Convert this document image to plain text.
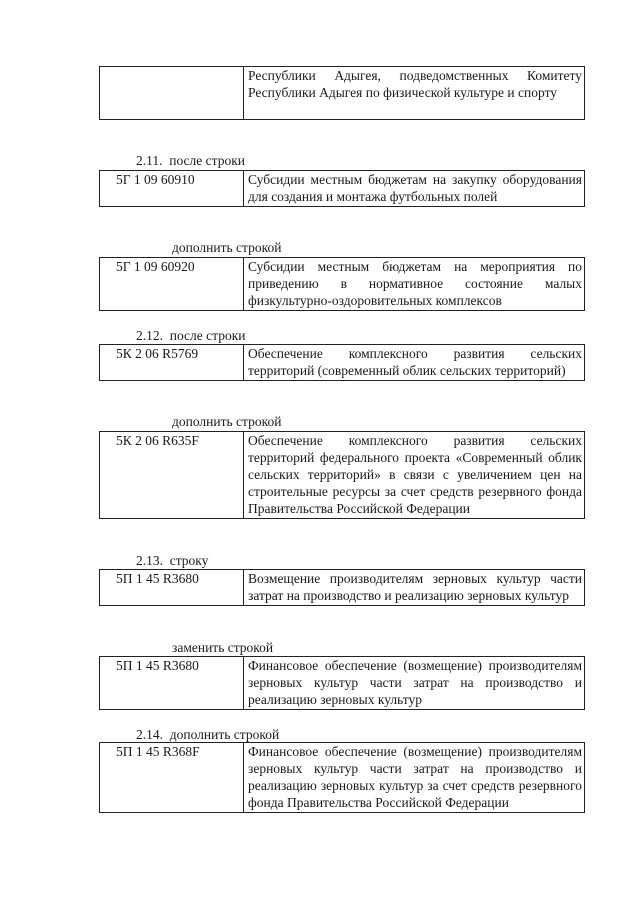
	Республики Адыгея, подведомственных Комитету Республики Адыгея по физической культуре и спорту
2.11. после строки
5Г 1 09 60910	Субсидии местным бюджетам на закупку оборудования для создания и монтажа футбольных полей
дополнить строкой
5Г 1 09 60920	Субсидии местным бюджетам на мероприятия по приведению в нормативное состояние малых физкультурно-оздоровительных комплексов
2.12. после строки
5К 2 06 R5769	Обеспечение комплексного развития сельских территорий (современный облик сельских территорий)
дополнить строкой
5К 2 06 R635F	Обеспечение комплексного развития сельских территорий федерального проекта «Современный облик сельских территорий» в связи с увеличением цен на строительные ресурсы за счет средств резервного фонда Правительства Российской Федерации
2.13. строку
5П 1 45 R3680	Возмещение производителям зерновых культур части затрат на производство и реализацию зерновых культур
заменить строкой
5П 1 45 R3680	Финансовое обеспечение (возмещение) производителям зерновых культур части затрат на производство и реализацию зерновых культур
2.14. дополнить строкой
5П 1 45 R368F	Финансовое обеспечение (возмещение) производителям зерновых культур части затрат на производство и реализацию зерновых культур за счет средств резервного фонда Правительства Российской Федерации
